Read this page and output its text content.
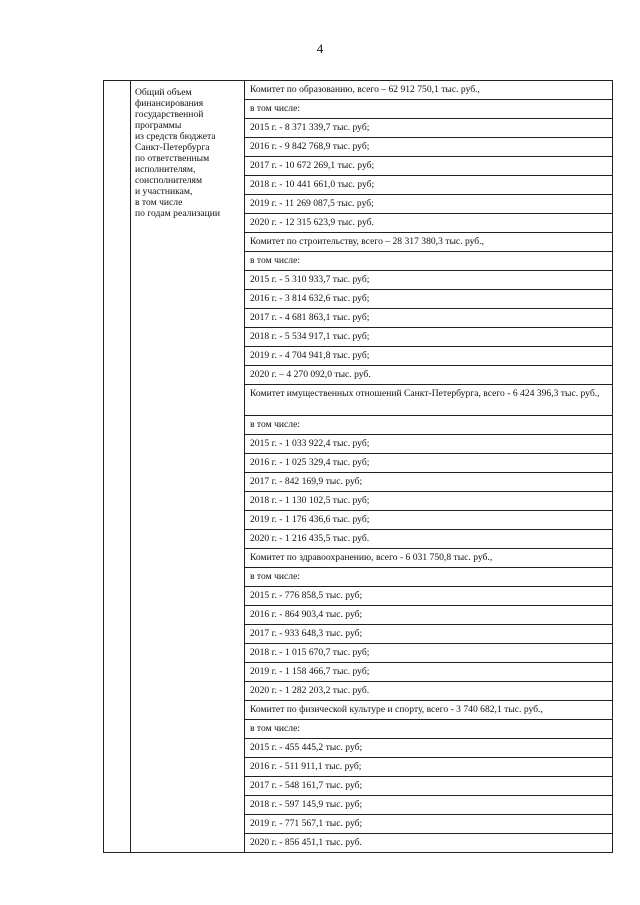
4

Общий объем
финансирования
государственной
программы
из средств бюджета
Санкт-Петербурга
по ответственным
исполнителям,
соисполнителям
и участникам,
в том числе
по годам реализации

Комитет по образованию, всего – 62 912 750,1 тыс. руб.,
в том числе:
2015 г. - 8 371 339,7 тыс. руб;
2016 г. - 9 842 768,9 тыс. руб;
2017 г. - 10 672 269,1 тыс. руб;
2018 г. - 10 441 661,0 тыс. руб;
2019 г. - 11 269 087,5 тыс. руб;
2020 г. - 12 315 623,9 тыс. руб.
Комитет по строительству, всего – 28 317 380,3 тыс. руб.,
в том числе:
2015 г. - 5 310 933,7 тыс. руб;
2016 г. - 3 814 632,6 тыс. руб;
2017 г. - 4 681 863,1 тыс. руб;
2018 г. - 5 534 917,1 тыс. руб;
2019 г. - 4 704 941,8 тыс. руб;
2020 г. – 4 270 092,0 тыс. руб.
Комитет имущественных отношений Санкт-Петербурга, всего - 6 424 396,3 тыс. руб.,
в том числе:
2015 г. - 1 033 922,4 тыс. руб;
2016 г. - 1 025 329,4 тыс. руб;
2017 г. - 842 169,9 тыс. руб;
2018 г. - 1 130 102,5 тыс. руб;
2019 г. - 1 176 436,6 тыс. руб;
2020 г. - 1 216 435,5 тыс. руб.
Комитет по здравоохранению, всего - 6 031 750,8 тыс. руб.,
в том числе:
2015 г. - 776 858,5 тыс. руб;
2016 г. - 864 903,4 тыс. руб;
2017 г. - 933 648,3 тыс. руб;
2018 г. - 1 015 670,7 тыс. руб;
2019 г. - 1 158 466,7 тыс. руб;
2020 г. - 1 282 203,2 тыс. руб.
Комитет по физической культуре и спорту, всего - 3 740 682,1 тыс. руб.,
в том числе:
2015 г. - 455 445,2 тыс. руб;
2016 г. - 511 911,1 тыс. руб;
2017 г. - 548 161,7 тыс. руб;
2018 г. - 597 145,9 тыс. руб;
2019 г. - 771 567,1 тыс. руб;
2020 г. - 856 451,1 тыс. руб.
